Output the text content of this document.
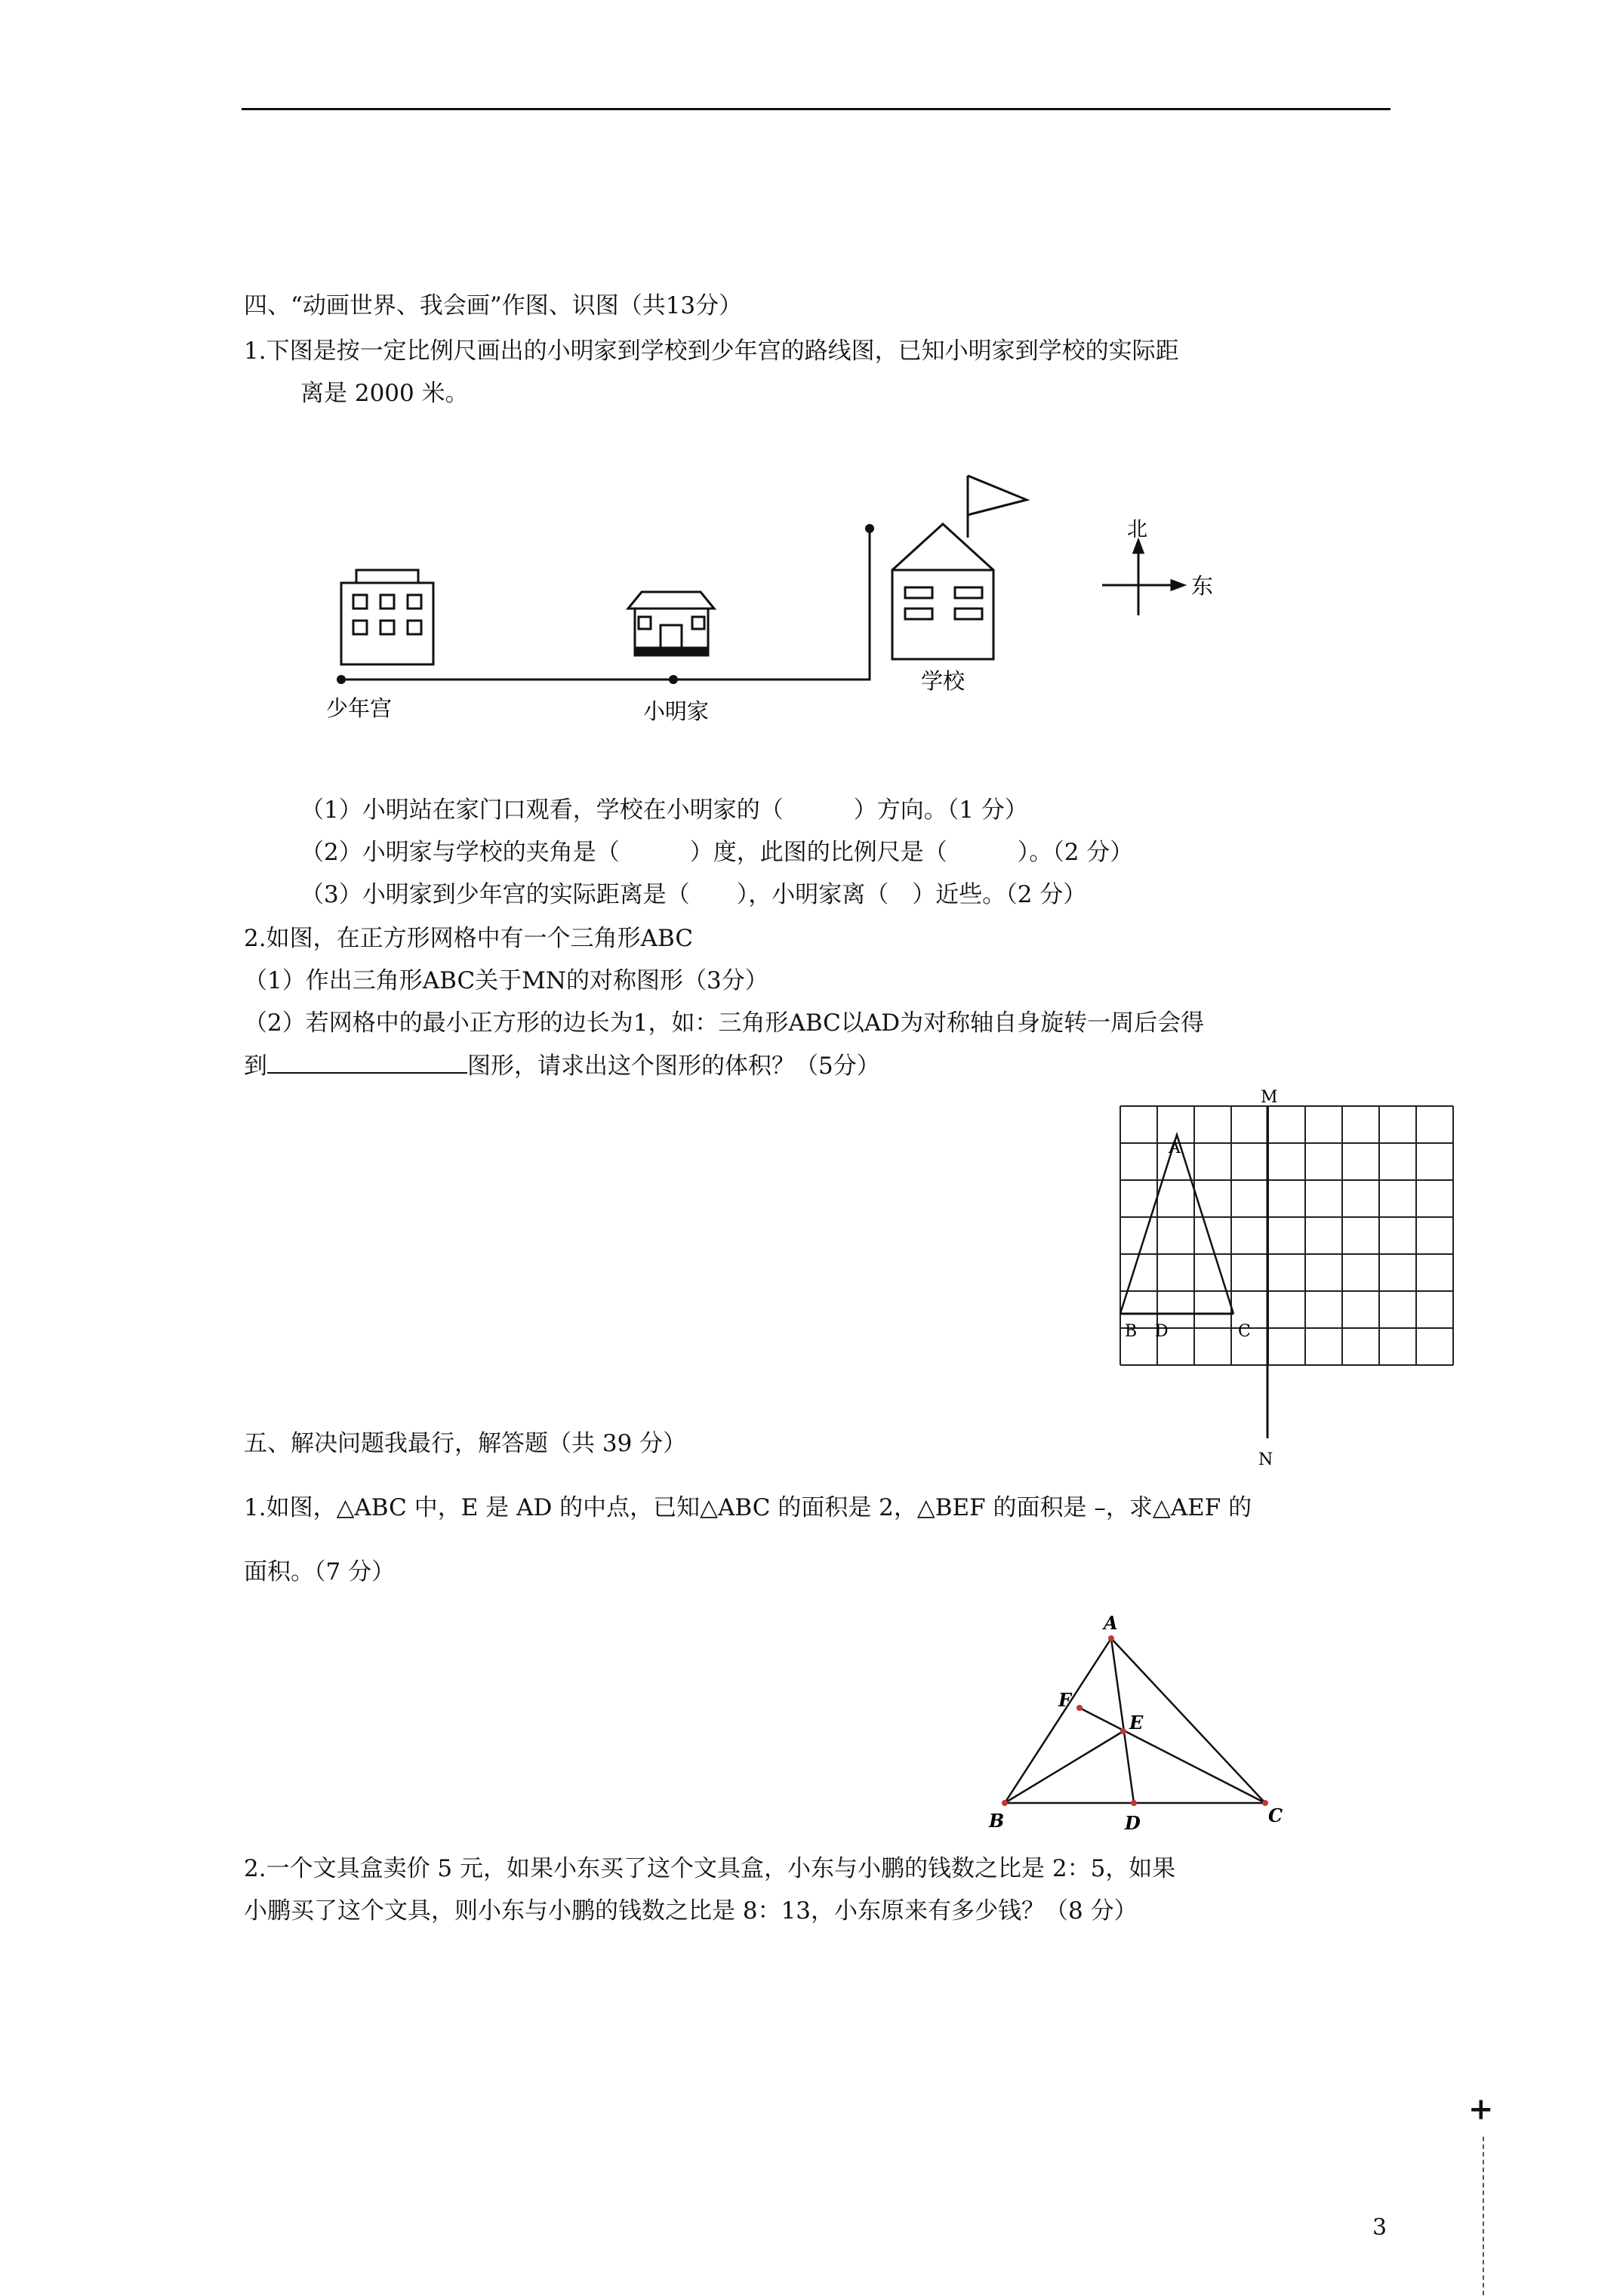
四、“动画世界、我会画”作图、识图（共13分）
1.下图是按一定比例尺画出的小明家到学校到少年宫的路线图，已知小明家到学校的实际距
离是 2000 米。
少年宫	小明家
学校
北
东
（1）小明站在家门口观看，学校在小明家的（　　　）方向。（1 分）
（2）小明家与学校的夹角是（　　　）度，此图的比例尺是（　　　）。（2 分）
（3）小明家到少年宫的实际距离是（　　），小明家离（　）近些。（2 分）
2.如图，在正方形网格中有一个三角形ABC
（1）作出三角形ABC关于MN的对称图形（3分）
（2）若网格中的最小正方形的边长为1，如：三角形ABC以AD为对称轴自身旋转一周后会得
到	图形，请求出这个图形的体积？（5分）
M
N
A
B D	C
五、解决问题我最行，解答题（共 39 分）
1.如图，△ABC 中，E 是 AD 的中点，已知△ABC 的面积是 2，△BEF 的面积是 –，求△AEF 的
面积。（7 分）
A
B	C
D
E
F
2.一个文具盒卖价 5 元，如果小东买了这个文具盒，小东与小鹏的钱数之比是 2：5，如果
小鹏买了这个文具，则小东与小鹏的钱数之比是 8：13，小东原来有多少钱？（8 分）
+
3
